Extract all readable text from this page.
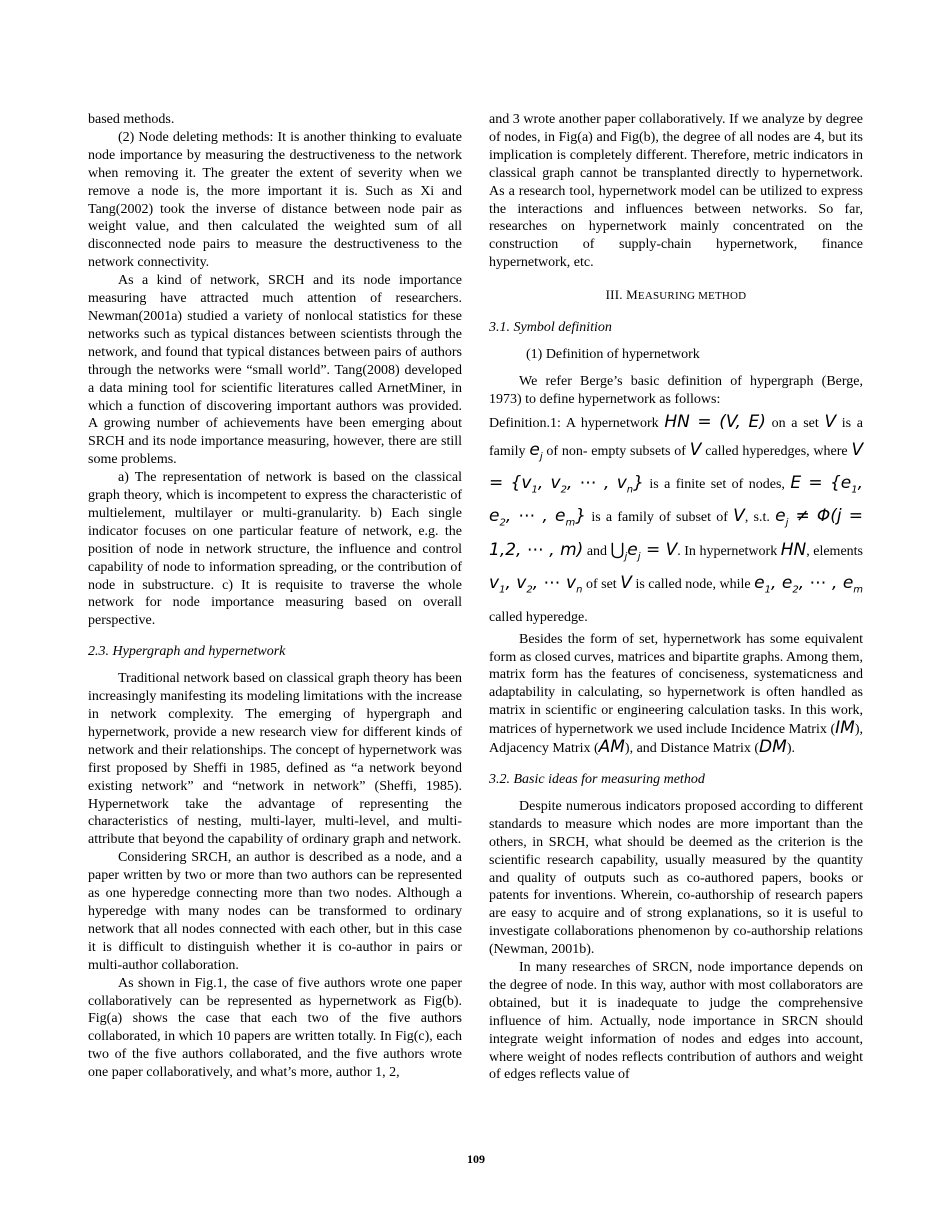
based methods.

(2) Node deleting methods: It is another thinking to evaluate node importance by measuring the destructiveness to the network when removing it. The greater the extent of severity when we remove a node is, the more important it is. Such as Xi and Tang(2002) took the inverse of distance between node pair as weight value, and then calculated the weighted sum of all disconnected node pairs to measure the destructiveness to the network connectivity.

As a kind of network, SRCH and its node importance measuring have attracted much attention of researchers. Newman(2001a) studied a variety of nonlocal statistics for these networks such as typical distances between scientists through the network, and found that typical distances between pairs of authors through the networks were “small world”. Tang(2008) developed a data mining tool for scientific literatures called ArnetMiner, in which a function of discovering important authors was provided. A growing number of achievements have been emerging about SRCH and its node importance measuring, however, there are still some problems.

a) The representation of network is based on the classical graph theory, which is incompetent to express the characteristic of multielement, multilayer or multi-granularity. b) Each single indicator focuses on one particular feature of network, e.g. the position of node in network structure, the influence and control capability of node to information spreading, or the contribution of node in substructure. c) It is requisite to traverse the whole network for node importance measuring based on overall perspective.

2.3. Hypergraph and hypernetwork

Traditional network based on classical graph theory has been increasingly manifesting its modeling limitations with the increase in network complexity. The emerging of hypergraph and hypernetwork, provide a new research view for different kinds of network and their relationships. The concept of hypernetwork was first proposed by Sheffi in 1985, defined as “a network beyond existing network” and “network in network” (Sheffi, 1985). Hypernetwork take the advantage of representing the characteristics of nesting, multi-layer, multi-level, and multi-attribute that beyond the capability of ordinary graph and network.

Considering SRCH, an author is described as a node, and a paper written by two or more than two authors can be represented as one hyperedge connecting more than two nodes. Although a hyperedge with many nodes can be transformed to ordinary network that all nodes connected with each other, but in this case it is difficult to distinguish whether it is co-author in pairs or multi-author collaboration.

As shown in Fig.1, the case of five authors wrote one paper collaboratively can be represented as hypernetwork as Fig(b). Fig(a) shows the case that each two of the five authors collaborated, in which 10 papers are written totally. In Fig(c), each two of the five authors collaborated, and the five authors wrote one paper collaboratively, and what’s more, author 1, 2,

and 3 wrote another paper collaboratively. If we analyze by degree of nodes, in Fig(a) and Fig(b), the degree of all nodes are 4, but its implication is completely different. Therefore, metric indicators in classical graph cannot be transplanted directly to hypernetwork. As a research tool, hypernetwork model can be utilized to express the interactions and influences between networks. So far, researches on hypernetwork mainly concentrated on the construction of supply-chain hypernetwork, finance hypernetwork, etc.

III. MEASURING METHOD
3.1. Symbol definition

(1) Definition of hypernetwork

We refer Berge’s basic definition of hypergraph (Berge, 1973) to define hypernetwork as follows:

Definition.1: A hypernetwork HN = (V, E) on a set V is a family $e_j$ of non- empty subsets of V called hyperedges, where $V = \{v_1$, $v_2$, ⋯ , $v_n$} is a finite set of nodes, $E = \{e_1$, $e_2$, ⋯ , $e_m$} is a family of subset of V, s.t. $e_j \ne \Phi(j = 1,2$, ⋯ , m) and $⋃_je_j = V$. In hypernetwork HN, elements $v_1$, $v_2$, ⋯ $v_n$ of set V is called node, while $e_1$, $e_2$, ⋯ , $e_m$ called hyperedge.

Besides the form of set, hypernetwork has some equivalent form as closed curves, matrices and bipartite graphs. Among them, matrix form has the features of conciseness, systematicness and adaptability in calculating, so hypernetwork is often handled as matrix in scientific or engineering calculation tasks. In this work, matrices of hypernetwork we used include Incidence Matrix (IM), Adjacency Matrix (AM), and Distance Matrix (DM).

3.2. Basic ideas for measuring method

Despite numerous indicators proposed according to different standards to measure which nodes are more important than the others, in SRCH, what should be deemed as the criterion is the scientific research capability, usually measured by the quantity and quality of outputs such as co-authored papers, books or patents for inventions. Wherein, co-authorship of research papers are easy to acquire and of strong explanations, so it is useful to investigate collaborations phenomenon by co-authorship relations (Newman, 2001b).

In many researches of SRCN, node importance depends on the degree of node. In this way, author with most collaborators are obtained, but it is inadequate to judge the comprehensive influence of him. Actually, node importance in SRCN should integrate weight information of nodes and edges into account, where weight of nodes reflects contribution of authors and weight of edges reflects value of

109
